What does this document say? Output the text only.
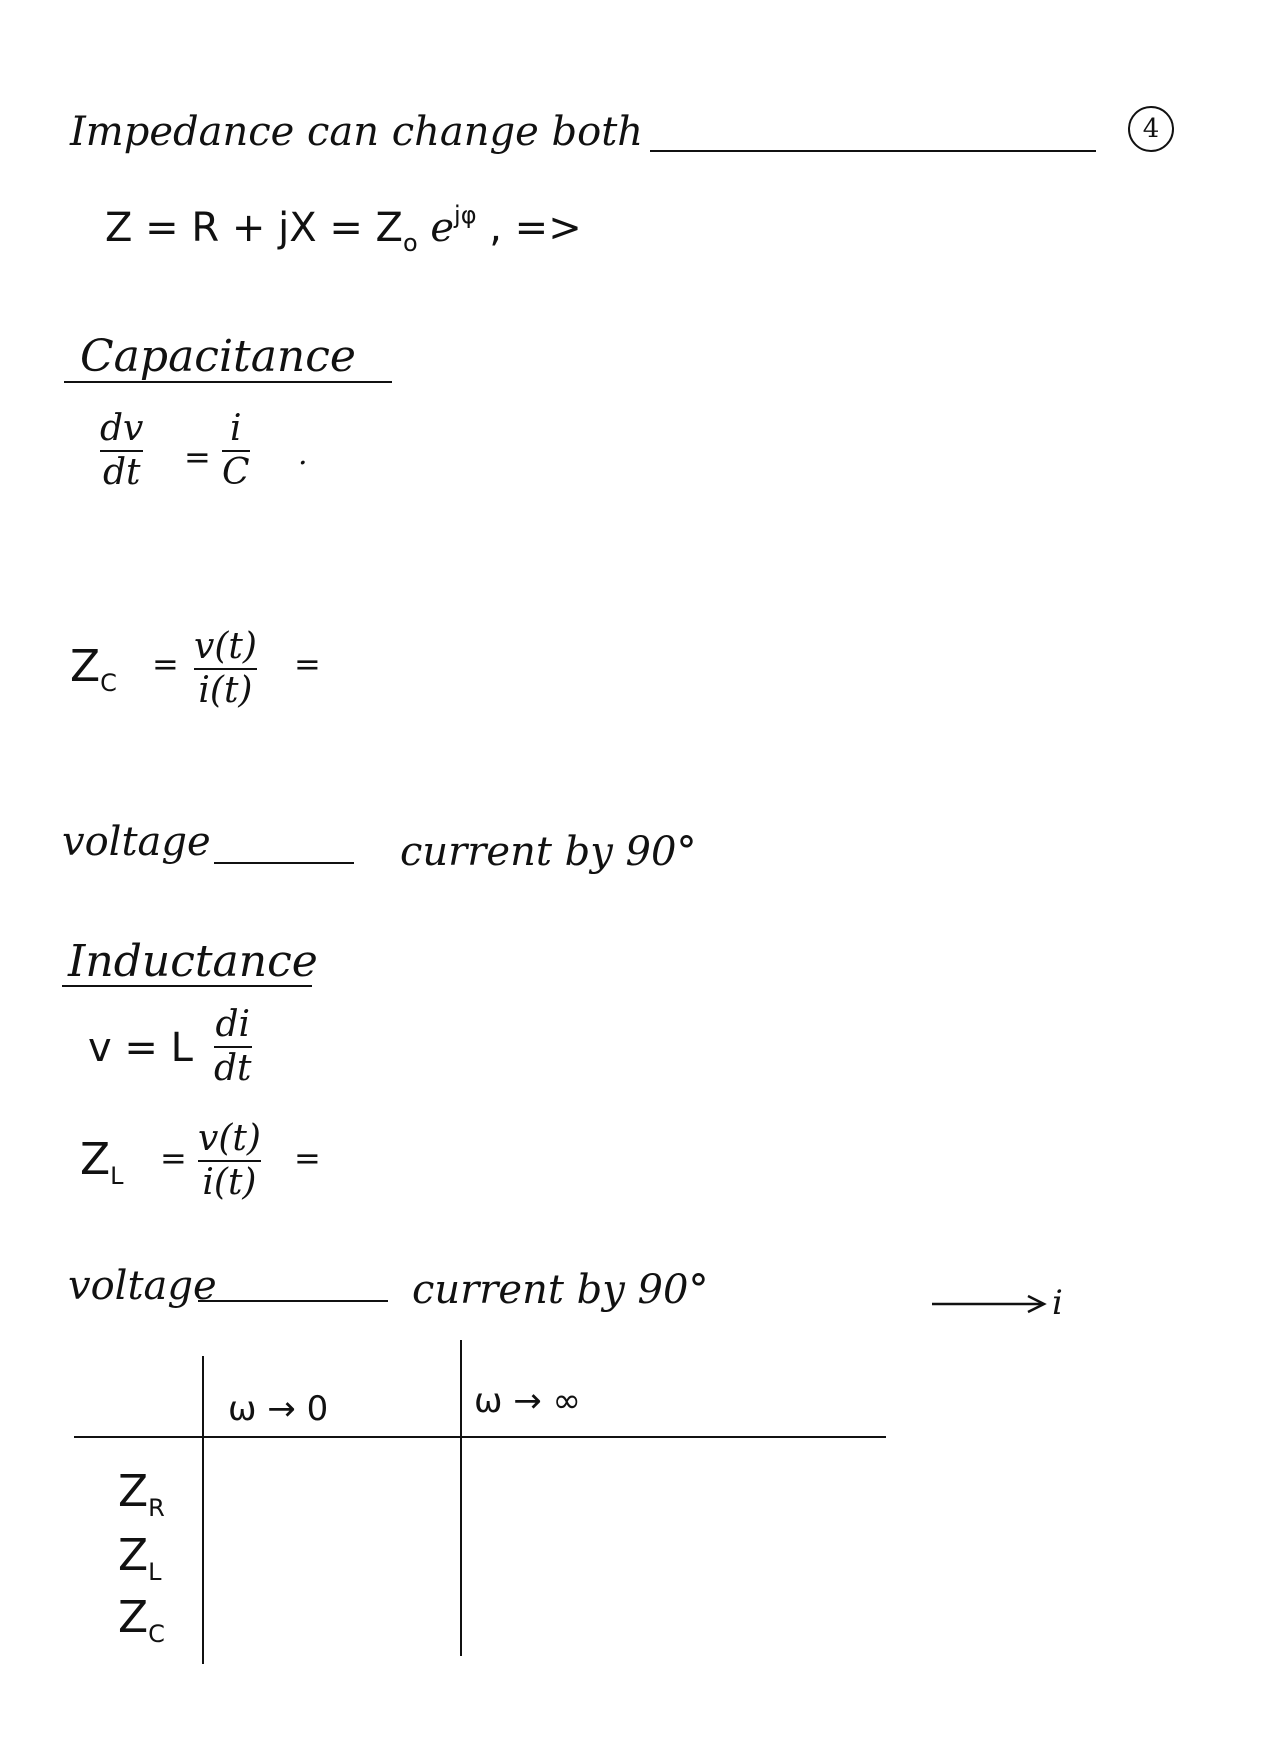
4
Impedance can change both
Z = R + jX = $Z_o$ $e^{j\varphi}$ , =>
Capacitance
dv
dt =
i
C .
$Z_C = v(t)$
i(t)
=
voltage	current by 90°
Inductance
v = L
di
dt
$Z_L = v(t)$
i(t)
=
voltage	current by 90°	i
ω → 0	ω → ∞
$Z_R$
$Z_L$
$Z_C$
